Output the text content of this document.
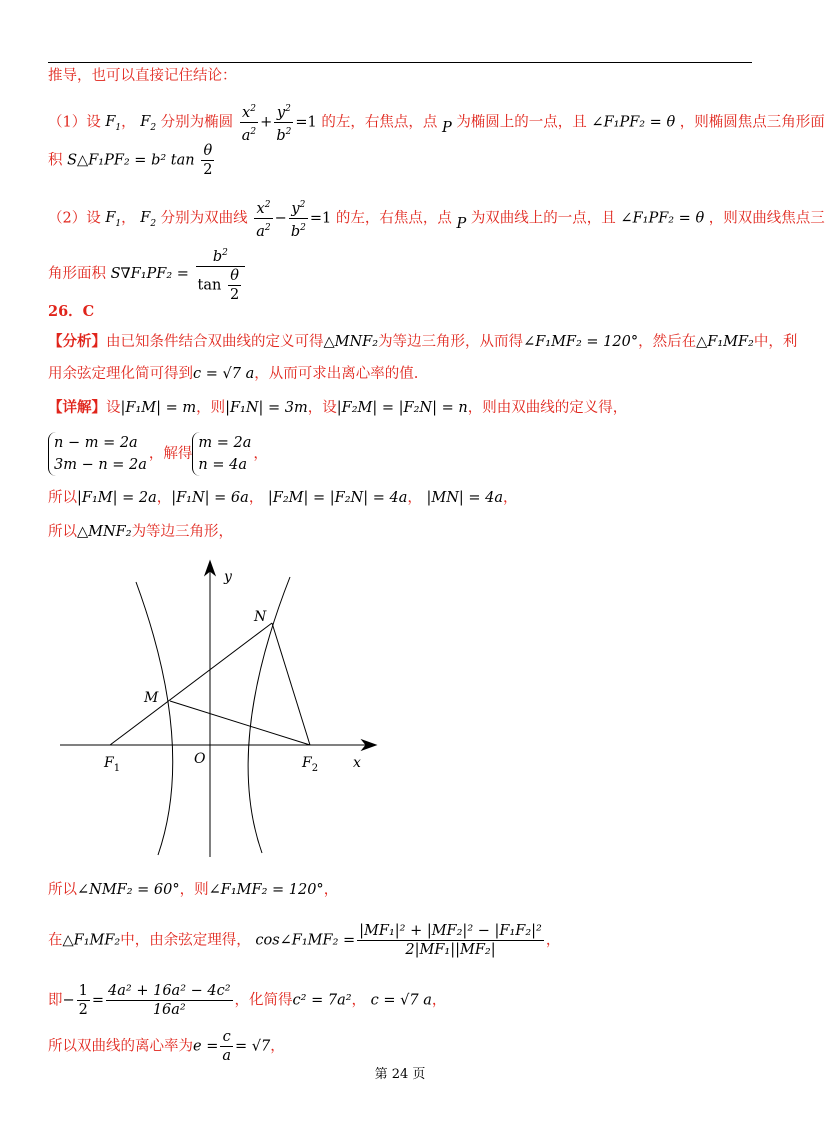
推导，也可以直接记住结论：
（1）设 $F_1$， $F_2$ 分别为椭圆 $\frac{x^2}{a^2} + \frac{y^2}{b^2} =1$ 的左，右焦点，点 P 为椭圆上的一点，且 ∠F₁PF₂ = θ ，则椭圆焦点三角形面
积 S△F₁PF₂ = b² $\tan \frac{\theta}{2}$
（2）设 $F_1$， $F_2$ 分别为双曲线 $\frac{x^2}{a^2} - \frac{y^2}{b^2} =1$ 的左，右焦点，点 P 为双曲线上的一点，且 ∠F₁PF₂ = θ ，则双曲线焦点三
角形面积 $S\nabla F_1PF_2 = \frac{b^2}{\tan \frac{\theta}{2}}$
26．C
【分析】由已知条件结合双曲线的定义可得△MNF₂为等边三角形，从而得∠F₁MF₂ = 120°，然后在△F₁MF₂中，利
用余弦定理化简可得到c = √7 a，从而可求出离心率的值.
【详解】设|F₁M| = m，则|F₁N| = 3m，设|F₂M| = |F₂N| = n，则由双曲线的定义得，
n − m = 2a
3m − n = 2a
，解得
m = 2a
n = 4a
，
所以|F₁M| = 2a，|F₁N| = 6a， |F₂M| = |F₂N| = 4a， |MN| = 4a，
所以△MNF₂为等边三角形，
y
x
N
M
O
$F_1$	$F_2$
所以∠NMF₂ = 60°，则∠F₁MF₂ = 120°，
在△F₁MF₂中，由余弦定理得， cos∠F₁MF₂ = $\frac{\text{|MF₁|² + |MF₂|² − |F₁F₂|²}}{\text{2|MF₁||MF₂|}}$ ，
即− $\frac{1}{2} = \frac{\text{4a² + 16a² − 4c²}}{\text{16a²}}$ ，化简得c² = 7a²， c = √7 a，
所以双曲线的离心率为$e = \frac{c}{a} = √7$，
第 24 页
